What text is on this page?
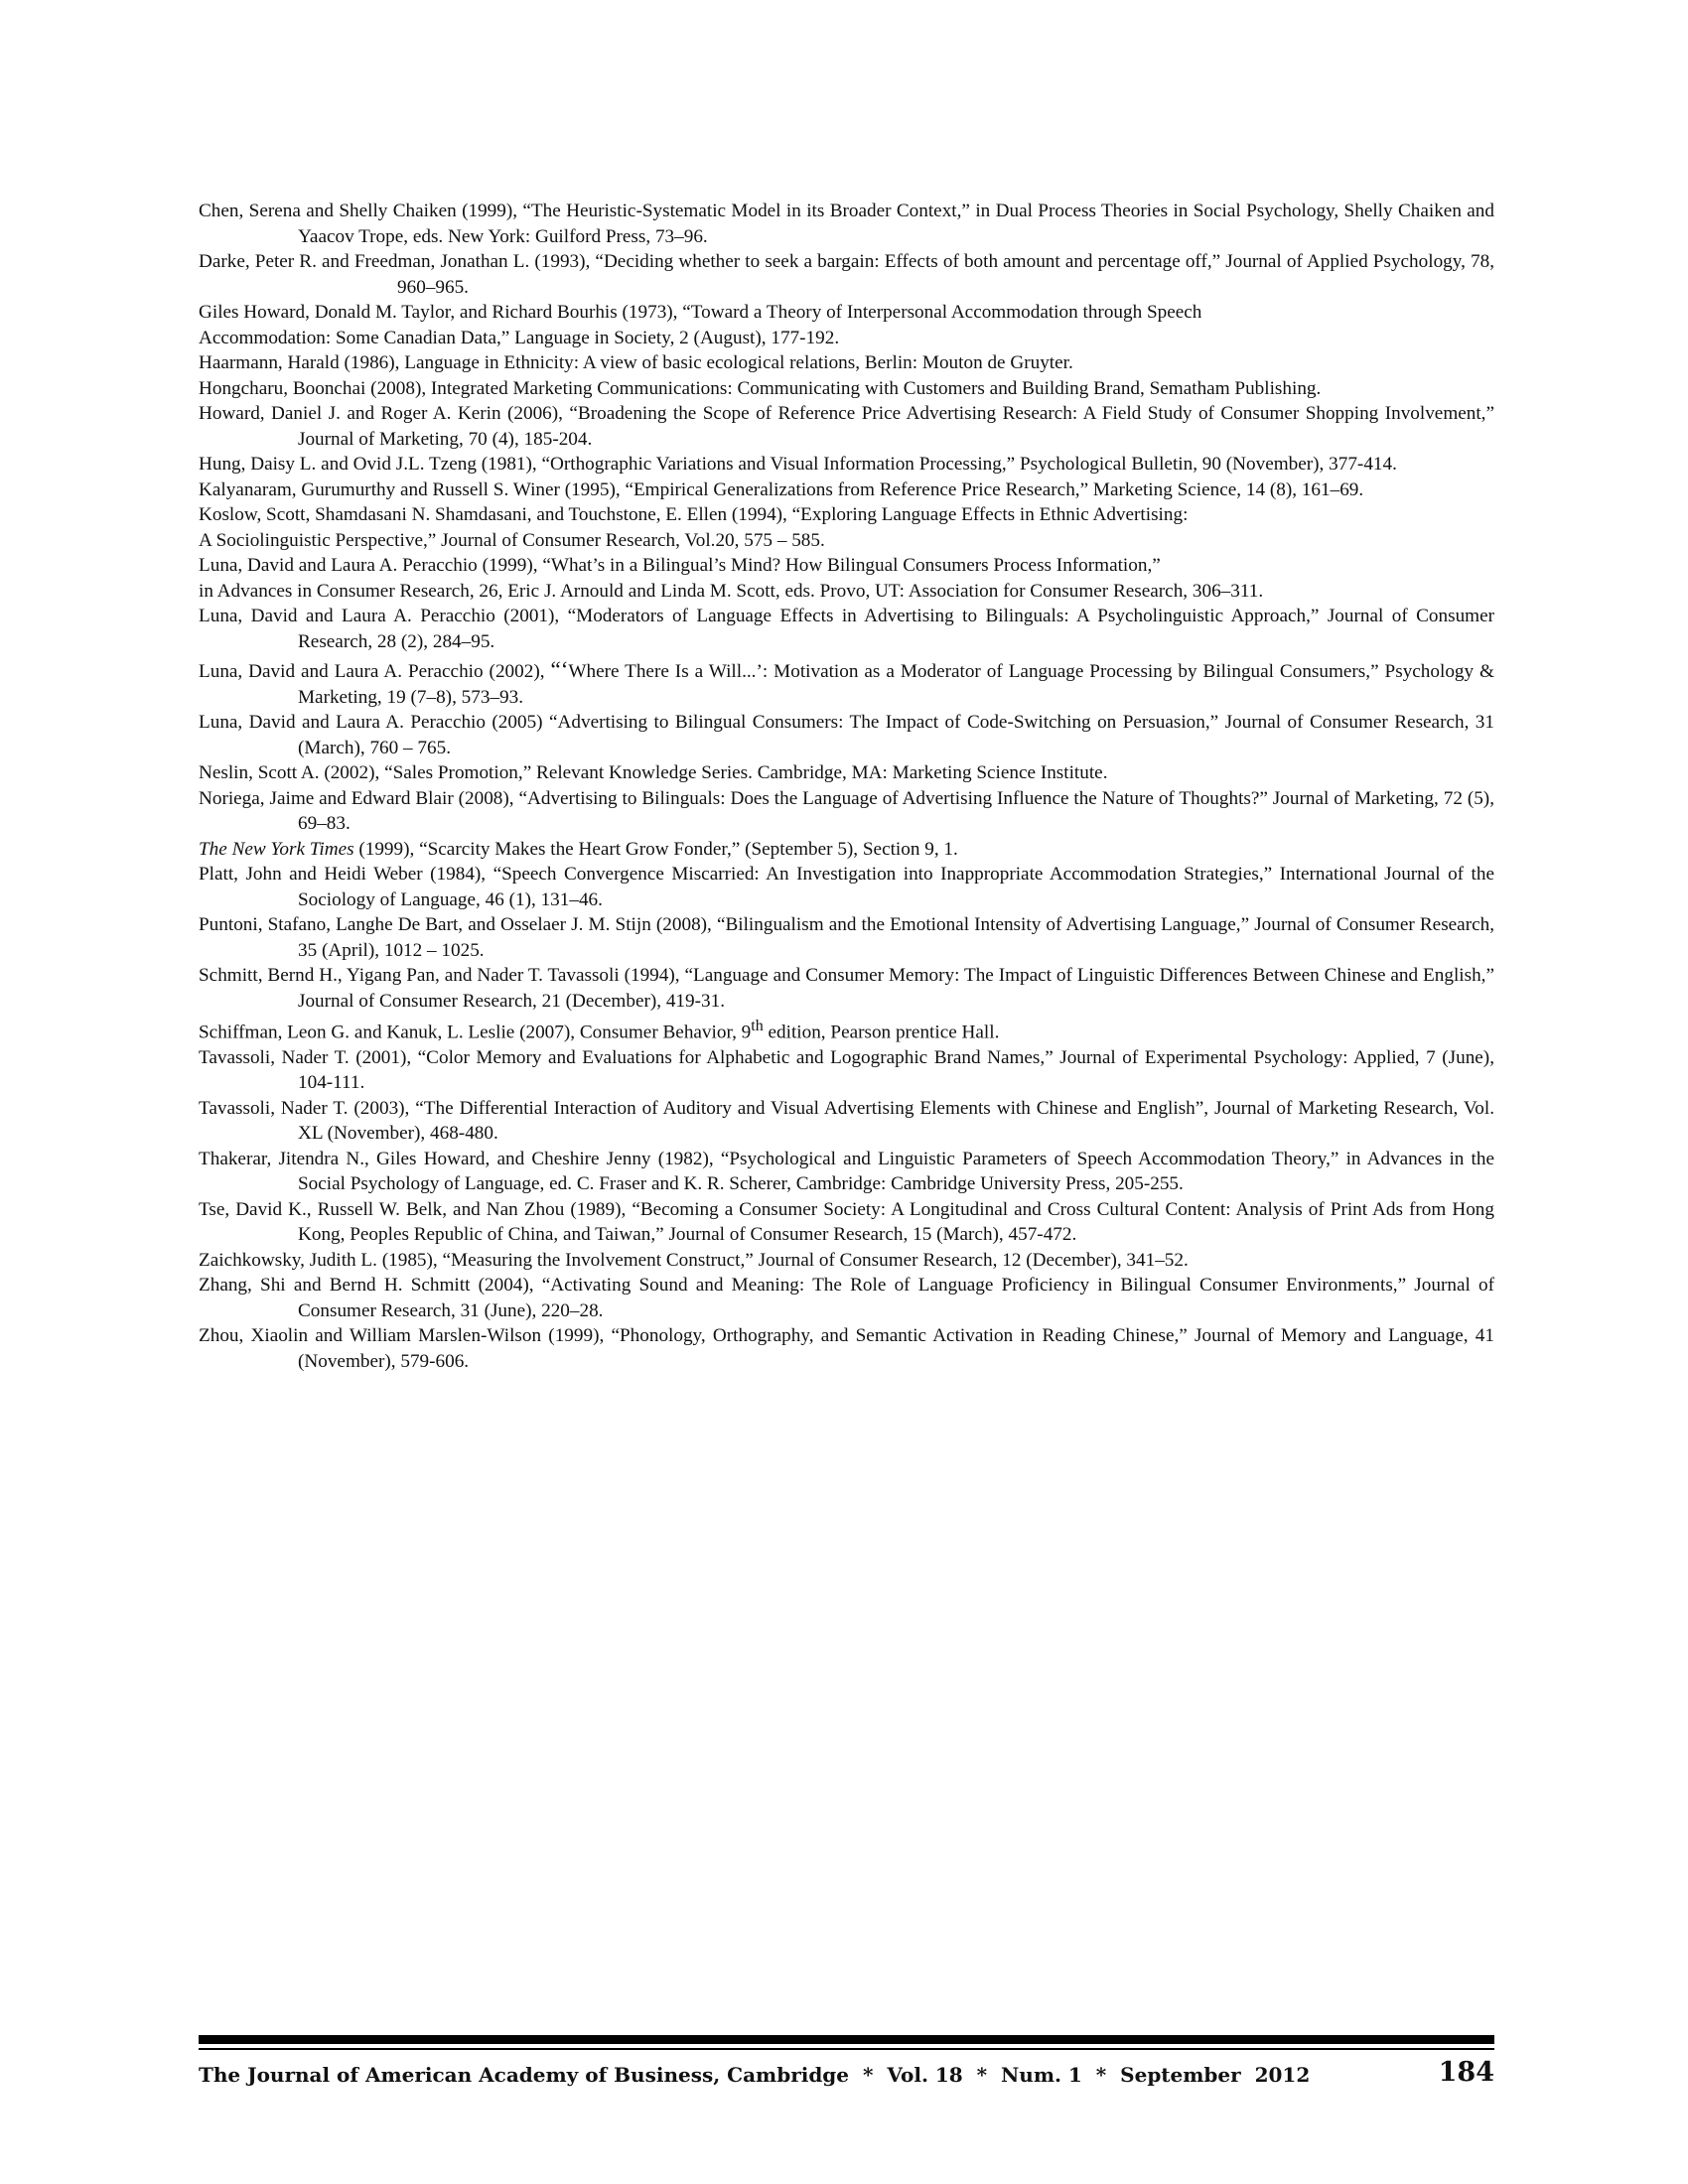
Chen, Serena and Shelly Chaiken (1999), “The Heuristic-Systematic Model in its Broader Context,” in Dual Process Theories in Social Psychology, Shelly Chaiken and Yaacov Trope, eds. New York: Guilford Press, 73–96.

Darke, Peter R. and Freedman, Jonathan L. (1993), “Deciding whether to seek a bargain: Effects of both amount and percentage off,” Journal of Applied Psychology, 78, 960–965.

Giles Howard, Donald M. Taylor, and Richard Bourhis (1973), “Toward a Theory of Interpersonal Accommodation through Speech

Accommodation: Some Canadian Data,” Language in Society, 2 (August), 177-192.

Haarmann, Harald (1986), Language in Ethnicity: A view of basic ecological relations, Berlin: Mouton de Gruyter.

Hongcharu, Boonchai (2008), Integrated Marketing Communications: Communicating with Customers and Building Brand, Sematham Publishing.

Howard, Daniel J. and Roger A. Kerin (2006), “Broadening the Scope of Reference Price Advertising Research: A Field Study of Consumer Shopping Involvement,” Journal of Marketing, 70 (4), 185-204.

Hung, Daisy L. and Ovid J.L. Tzeng (1981), “Orthographic Variations and Visual Information Processing,” Psychological Bulletin, 90 (November), 377-414.

Kalyanaram, Gurumurthy and Russell S. Winer (1995), “Empirical Generalizations from Reference Price Research,” Marketing Science, 14 (8), 161–69.

Koslow, Scott, Shamdasani N. Shamdasani, and Touchstone, E. Ellen (1994), “Exploring Language Effects in Ethnic Advertising:

A Sociolinguistic Perspective,” Journal of Consumer Research, Vol.20, 575 – 585.

Luna, David and Laura A. Peracchio (1999), “What’s in a Bilingual’s Mind? How Bilingual Consumers Process Information,”

in Advances in Consumer Research, 26, Eric J. Arnould and Linda M. Scott, eds. Provo, UT: Association for Consumer Research, 306–311.

Luna, David and Laura A. Peracchio (2001), “Moderators of Language Effects in Advertising to Bilinguals: A Psycholinguistic Approach,” Journal of Consumer Research, 28 (2), 284–95.

Luna, David and Laura A. Peracchio (2002), “‘Where There Is a Will...’: Motivation as a Moderator of Language Processing by Bilingual Consumers,” Psychology & Marketing, 19 (7–8), 573–93.

Luna, David and Laura A. Peracchio (2005) “Advertising to Bilingual Consumers: The Impact of Code-Switching on Persuasion,” Journal of Consumer Research, 31 (March), 760 – 765.

Neslin, Scott A. (2002), “Sales Promotion,” Relevant Knowledge Series. Cambridge, MA: Marketing Science Institute.

Noriega, Jaime and Edward Blair (2008), “Advertising to Bilinguals: Does the Language of Advertising Influence the Nature of Thoughts?” Journal of Marketing, 72 (5), 69–83.

The New York Times (1999), “Scarcity Makes the Heart Grow Fonder,” (September 5), Section 9, 1.

Platt, John and Heidi Weber (1984), “Speech Convergence Miscarried: An Investigation into Inappropriate Accommodation Strategies,” International Journal of the Sociology of Language, 46 (1), 131–46.

Puntoni, Stafano, Langhe De Bart, and Osselaer J. M. Stijn (2008), “Bilingualism and the Emotional Intensity of Advertising Language,” Journal of Consumer Research, 35 (April), 1012 – 1025.

Schmitt, Bernd H., Yigang Pan, and Nader T. Tavassoli (1994), “Language and Consumer Memory: The Impact of Linguistic Differences Between Chinese and English,” Journal of Consumer Research, 21 (December), 419-31.

Schiffman, Leon G. and Kanuk, L. Leslie (2007), Consumer Behavior, 9th edition, Pearson prentice Hall.

Tavassoli, Nader T. (2001), “Color Memory and Evaluations for Alphabetic and Logographic Brand Names,” Journal of Experimental Psychology: Applied, 7 (June), 104-111.

Tavassoli, Nader T. (2003), “The Differential Interaction of Auditory and Visual Advertising Elements with Chinese and English”, Journal of Marketing Research, Vol. XL (November), 468-480.

Thakerar, Jitendra N., Giles Howard, and Cheshire Jenny (1982), “Psychological and Linguistic Parameters of Speech Accommodation Theory,” in Advances in the Social Psychology of Language, ed. C. Fraser and K. R. Scherer, Cambridge: Cambridge University Press, 205-255.

Tse, David K., Russell W. Belk, and Nan Zhou (1989), “Becoming a Consumer Society: A Longitudinal and Cross Cultural Content: Analysis of Print Ads from Hong Kong, Peoples Republic of China, and Taiwan,” Journal of Consumer Research, 15 (March), 457-472.

Zaichkowsky, Judith L. (1985), “Measuring the Involvement Construct,” Journal of Consumer Research, 12 (December), 341–52.

Zhang, Shi and Bernd H. Schmitt (2004), “Activating Sound and Meaning: The Role of Language Proficiency in Bilingual Consumer Environments,” Journal of Consumer Research, 31 (June), 220–28.

Zhou, Xiaolin and William Marslen-Wilson (1999), “Phonology, Orthography, and Semantic Activation in Reading Chinese,” Journal of Memory and Language, 41 (November), 579-606.

The Journal of American Academy of Business, Cambridge  *  Vol. 18  *  Num. 1  *  September  2012	184
